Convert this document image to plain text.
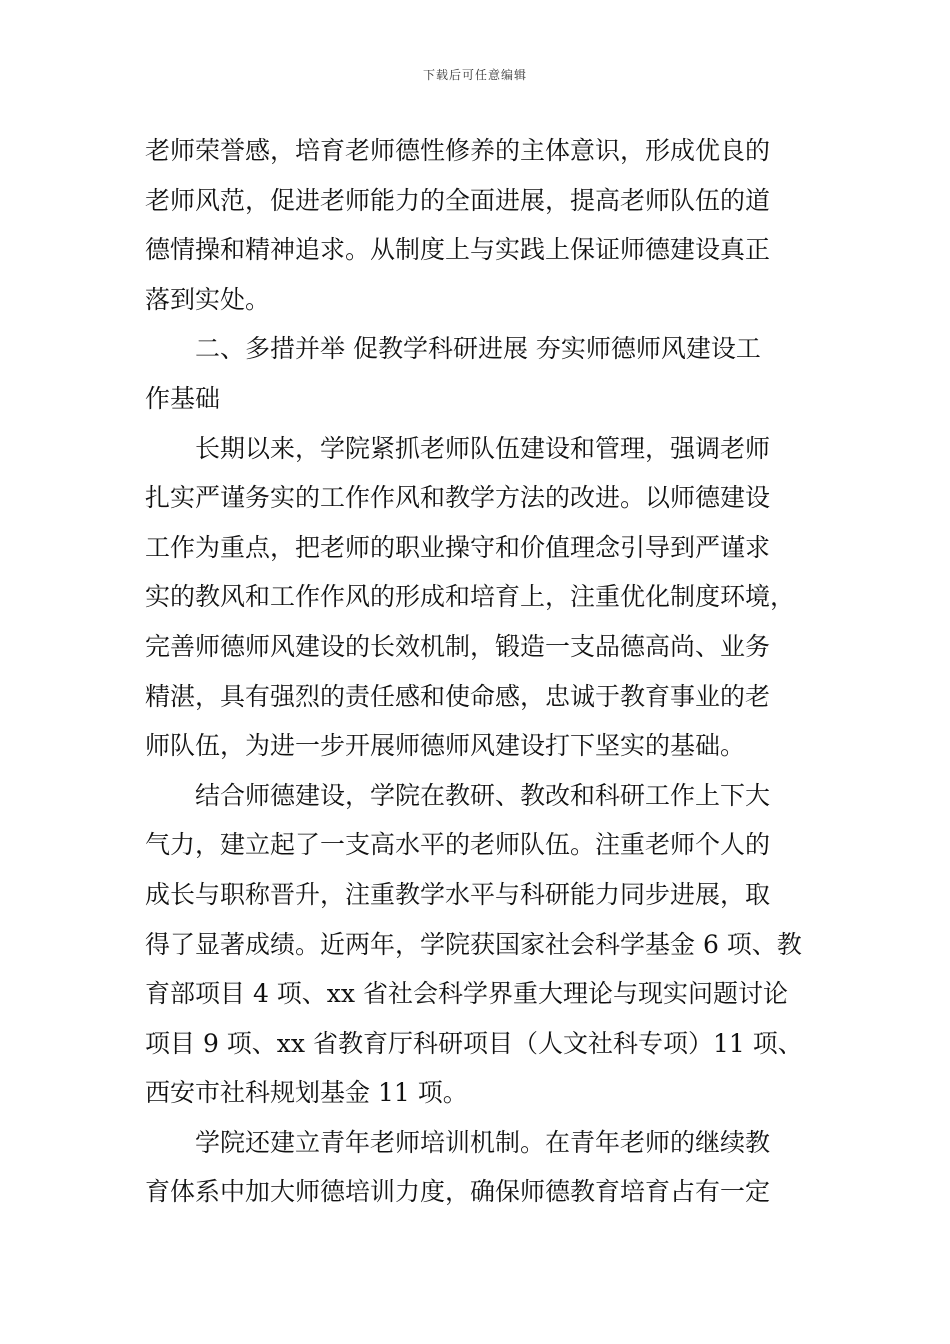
下载后可任意编辑
老师荣誉感，培育老师德性修养的主体意识，形成优良的
老师风范，促进老师能力的全面进展，提高老师队伍的道
德情操和精神追求。从制度上与实践上保证师德建设真正
落到实处。
二、多措并举 促教学科研进展 夯实师德师风建设工
作基础
长期以来，学院紧抓老师队伍建设和管理，强调老师
扎实严谨务实的工作作风和教学方法的改进。以师德建设
工作为重点，把老师的职业操守和价值理念引导到严谨求
实的教风和工作作风的形成和培育上，注重优化制度环境，
完善师德师风建设的长效机制，锻造一支品德高尚、业务
精湛，具有强烈的责任感和使命感，忠诚于教育事业的老
师队伍，为进一步开展师德师风建设打下坚实的基础。
结合师德建设，学院在教研、教改和科研工作上下大
气力，建立起了一支高水平的老师队伍。注重老师个人的
成长与职称晋升，注重教学水平与科研能力同步进展，取
得了显著成绩。近两年，学院获国家社会科学基金 6 项、教
育部项目 4 项、xx 省社会科学界重大理论与现实问题讨论
项目 9 项、xx 省教育厅科研项目（人文社科专项）11 项、
西安市社科规划基金 11 项。
学院还建立青年老师培训机制。在青年老师的继续教
育体系中加大师德培训力度，确保师德教育培育占有一定
